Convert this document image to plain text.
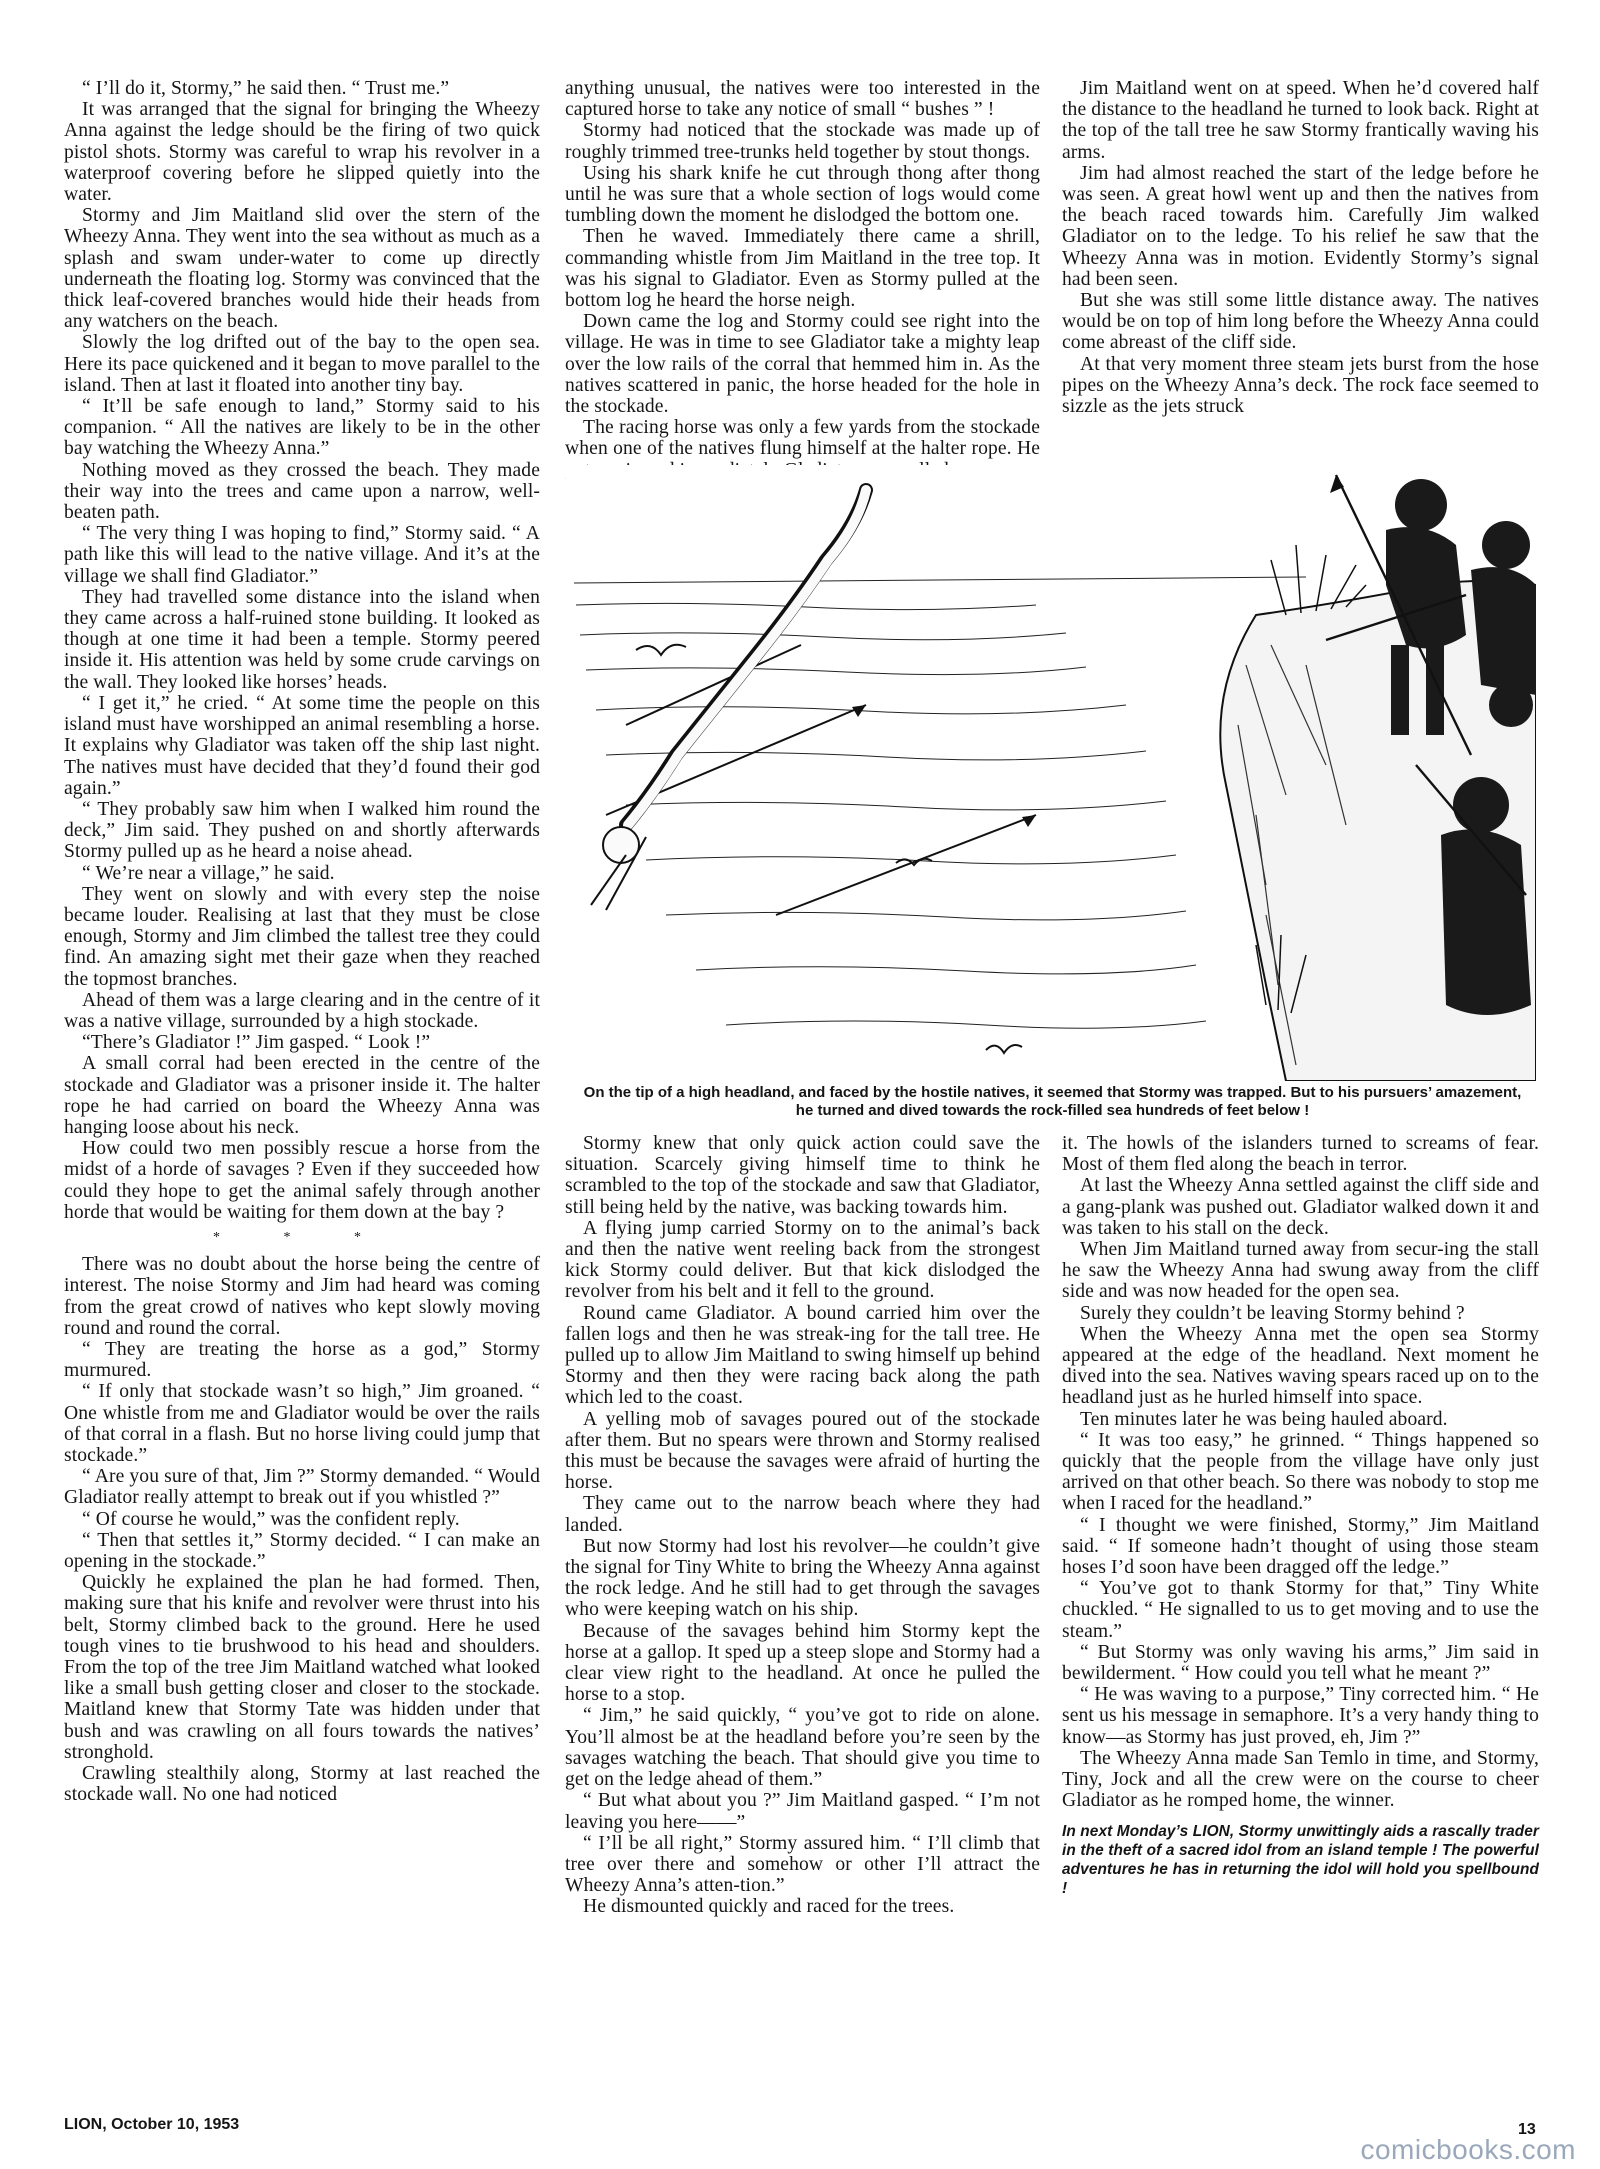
“ I’ll do it, Stormy,” he said then. “ Trust me.”

It was arranged that the signal for bringing the Wheezy Anna against the ledge should be the firing of two quick pistol shots. Stormy was careful to wrap his revolver in a waterproof covering before he slipped quietly into the water.

Stormy and Jim Maitland slid over the stern of the Wheezy Anna. They went into the sea without as much as a splash and swam under-water to come up directly underneath the floating log. Stormy was convinced that the thick leaf-covered branches would hide their heads from any watchers on the beach.

Slowly the log drifted out of the bay to the open sea. Here its pace quickened and it began to move parallel to the island. Then at last it floated into another tiny bay.

“ It’ll be safe enough to land,” Stormy said to his companion. “ All the natives are likely to be in the other bay watching the Wheezy Anna.”

Nothing moved as they crossed the beach. They made their way into the trees and came upon a narrow, well-beaten path.

“ The very thing I was hoping to find,” Stormy said. “ A path like this will lead to the native village. And it’s at the village we shall find Gladiator.”

They had travelled some distance into the island when they came across a half-ruined stone building. It looked as though at one time it had been a temple. Stormy peered inside it. His attention was held by some crude carvings on the wall. They looked like horses’ heads.

“ I get it,” he cried. “ At some time the people on this island must have worshipped an animal resembling a horse. It explains why Gladiator was taken off the ship last night. The natives must have decided that they’d found their god again.”

“ They probably saw him when I walked him round the deck,” Jim said. They pushed on and shortly afterwards Stormy pulled up as he heard a noise ahead.

“ We’re near a village,” he said.

They went on slowly and with every step the noise became louder. Realising at last that they must be close enough, Stormy and Jim climbed the tallest tree they could find. An amazing sight met their gaze when they reached the topmost branches.

Ahead of them was a large clearing and in the centre of it was a native village, surrounded by a high stockade.

“There’s Gladiator !” Jim gasped. “ Look !”

A small corral had been erected in the centre of the stockade and Gladiator was a prisoner inside it. The halter rope he had carried on board the Wheezy Anna was hanging loose about his neck.

How could two men possibly rescue a horse from the midst of a horde of savages ? Even if they succeeded how could they hope to get the animal safely through another horde that would be waiting for them down at the bay ?

* * *

There was no doubt about the horse being the centre of interest. The noise Stormy and Jim had heard was coming from the great crowd of natives who kept slowly moving round and round the corral.

“ They are treating the horse as a god,” Stormy murmured.

“ If only that stockade wasn’t so high,” Jim groaned. “ One whistle from me and Gladiator would be over the rails of that corral in a flash. But no horse living could jump that stockade.”

“ Are you sure of that, Jim ?” Stormy demanded. “ Would Gladiator really attempt to break out if you whistled ?”

“ Of course he would,” was the confident reply.

“ Then that settles it,” Stormy decided. “ I can make an opening in the stockade.”

Quickly he explained the plan he had formed. Then, making sure that his knife and revolver were thrust into his belt, Stormy climbed back to the ground. Here he used tough vines to tie brushwood to his head and shoulders. From the top of the tree Jim Maitland watched what looked like a small bush getting closer and closer to the stockade. Maitland knew that Stormy Tate was hidden under that bush and was crawling on all fours towards the natives’ stronghold.

Crawling stealthily along, Stormy at last reached the stockade wall. No one had noticed

anything unusual, the natives were too interested in the captured horse to take any notice of small “ bushes ” !

Stormy had noticed that the stockade was made up of roughly trimmed tree-trunks held together by stout thongs.

Using his shark knife he cut through thong after thong until he was sure that a whole section of logs would come tumbling down the moment he dislodged the bottom one.

Then he waved. Immediately there came a shrill, commanding whistle from Jim Maitland in the tree top. It was his signal to Gladiator. Even as Stormy pulled at the bottom log he heard the horse neigh.

Down came the log and Stormy could see right into the village. He was in time to see Gladiator take a mighty leap over the low rails of the corral that hemmed him in. As the natives scattered in panic, the horse headed for the hole in the stockade.

The racing horse was only a few yards from the stockade when one of the natives flung himself at the halter rope. He

Jim Maitland went on at speed. When he’d covered half the distance to the headland he turned to look back. Right at the top of the tall tree he saw Stormy frantically waving his arms.

Jim had almost reached the start of the ledge before he was seen. A great howl went up and then the natives from the beach raced towards him. Carefully Jim walked Gladiator on to the ledge. To his relief he saw that the Wheezy Anna was in motion. Evidently Stormy’s signal had been seen.

But she was still some little distance away. The natives would be on top of him long before the Wheezy Anna could come abreast of the cliff side.

At that very moment three steam jets burst from the hose pipes on the Wheezy Anna’s deck. The rock face seemed to sizzle as the jets struck

On the tip of a high headland, and faced by the hostile natives, it seemed that Stormy was trapped. But to his pursuers’ amazement, he turned and dived towards the rock-filled sea hundreds of feet below !

Stormy knew that only quick action could save the situation. Scarcely giving himself time to think he scrambled to the top of the stockade and saw that Gladiator, still being held by the native, was backing towards him.

A flying jump carried Stormy on to the animal’s back and then the native went reeling back from the strongest kick Stormy could deliver. But that kick dislodged the revolver from his belt and it fell to the ground.

Round came Gladiator. A bound carried him over the fallen logs and then he was streak-ing for the tall tree. He pulled up to allow Jim Maitland to swing himself up behind Stormy and then they were racing back along the path which led to the coast.

A yelling mob of savages poured out of the stockade after them. But no spears were thrown and Stormy realised this must be because the savages were afraid of hurting the horse.

They came out to the narrow beach where they had landed.

But now Stormy had lost his revolver—he couldn’t give the signal for Tiny White to bring the Wheezy Anna against the rock ledge. And he still had to get through the savages who were keeping watch on his ship.

Because of the savages behind him Stormy kept the horse at a gallop. It sped up a steep slope and Stormy had a clear view right to the headland. At once he pulled the horse to a stop.

“ Jim,” he said quickly, “ you’ve got to ride on alone. You’ll almost be at the headland before you’re seen by the savages watching the beach. That should give you time to get on the ledge ahead of them.”

“ But what about you ?” Jim Maitland gasped. “ I’m not leaving you here——”

“ I’ll be all right,” Stormy assured him. “ I’ll climb that tree over there and somehow or other I’ll attract the Wheezy Anna’s atten-tion.”

He dismounted quickly and raced for the trees.

it. The howls of the islanders turned to screams of fear. Most of them fled along the beach in terror.

At last the Wheezy Anna settled against the cliff side and a gang-plank was pushed out. Gladiator walked down it and was taken to his stall on the deck.

When Jim Maitland turned away from secur-ing the stall he saw the Wheezy Anna had swung away from the cliff side and was now headed for the open sea.

Surely they couldn’t be leaving Stormy behind ?

When the Wheezy Anna met the open sea Stormy appeared at the edge of the headland. Next moment he dived into the sea. Natives waving spears raced up on to the headland just as he hurled himself into space.

Ten minutes later he was being hauled aboard.

“ It was too easy,” he grinned. “ Things happened so quickly that the people from the village have only just arrived on that other beach. So there was nobody to stop me when I raced for the headland.”

“ I thought we were finished, Stormy,” Jim Maitland said. “ If someone hadn’t thought of using those steam hoses I’d soon have been dragged off the ledge.”

“ You’ve got to thank Stormy for that,” Tiny White chuckled. “ He signalled to us to get moving and to use the steam.”

“ But Stormy was only waving his arms,” Jim said in bewilderment. “ How could you tell what he meant ?”

“ He was waving to a purpose,” Tiny corrected him. “ He sent us his message in semaphore. It’s a very handy thing to know—as Stormy has just proved, eh, Jim ?”

The Wheezy Anna made San Temlo in time, and Stormy, Tiny, Jock and all the crew were on the course to cheer Gladiator as he romped home, the winner.

In next Monday’s LION, Stormy unwittingly aids a rascally trader in the theft of a sacred idol from an island temple ! The powerful adventures he has in returning the idol will hold you spellbound !

LION, October 10, 1953	13
comicbooks.com
